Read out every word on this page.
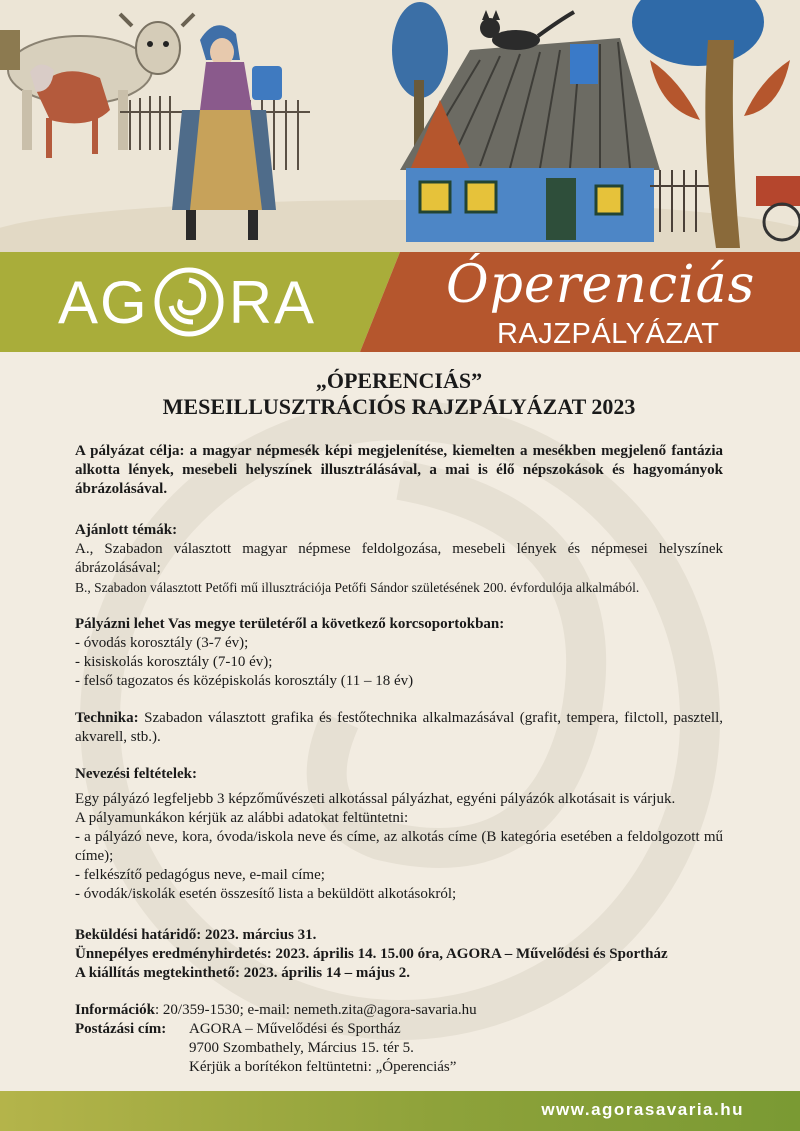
AG RA Óperenciás
RAJZPÁLYÁZAT
„ÓPERENCIÁS”
MESEILLUSZTRÁCIÓS RAJZPÁLYÁZAT 2023
A pályázat célja: a magyar népmesék képi megjelenítése, kiemelten a mesékben megjelenő fantázia alkotta lények, mesebeli helyszínek illusztrálásával, a mai is élő népszokások és hagyományok ábrázolásával.
Ajánlott témák:
A., Szabadon választott magyar népmese feldolgozása, mesebeli lények és népmesei helyszínek ábrázolásával;
B., Szabadon választott Petőfi mű illusztrációja Petőfi Sándor születésének 200. évfordulója alkalmából.
Pályázni lehet Vas megye területéről a következő korcsoportokban:
- óvodás korosztály (3-7 év);
- kisiskolás korosztály (7-10 év);
- felső tagozatos és középiskolás korosztály (11 – 18 év)
Technika: Szabadon választott grafika és festőtechnika alkalmazásával (grafit, tempera, filctoll, pasztell, akvarell, stb.).
Nevezési feltételek:
Egy pályázó legfeljebb 3 képzőművészeti alkotással pályázhat, egyéni pályázók alkotásait is várjuk.
A pályamunkákon kérjük az alábbi adatokat feltüntetni:
- a pályázó neve, kora, óvoda/iskola neve és címe, az alkotás címe (B kategória esetében a feldolgozott mű címe);
- felkészítő pedagógus neve, e-mail címe;
- óvodák/iskolák esetén összesítő lista a beküldött alkotásokról;
Beküldési határidő: 2023. március 31.
Ünnepélyes eredményhirdetés: 2023. április 14. 15.00 óra, AGORA – Művelődési és Sportház
A kiállítás megtekinthető: 2023. április 14 – május 2.
Információk: 20/359-1530; e-mail: nemeth.zita@agora-savaria.hu
Postázási cím:	AGORA – Művelődési és Sportház
9700 Szombathely, Március 15. tér 5.
Kérjük a borítékon feltüntetni: „Óperenciás”
www.agorasavaria.hu
